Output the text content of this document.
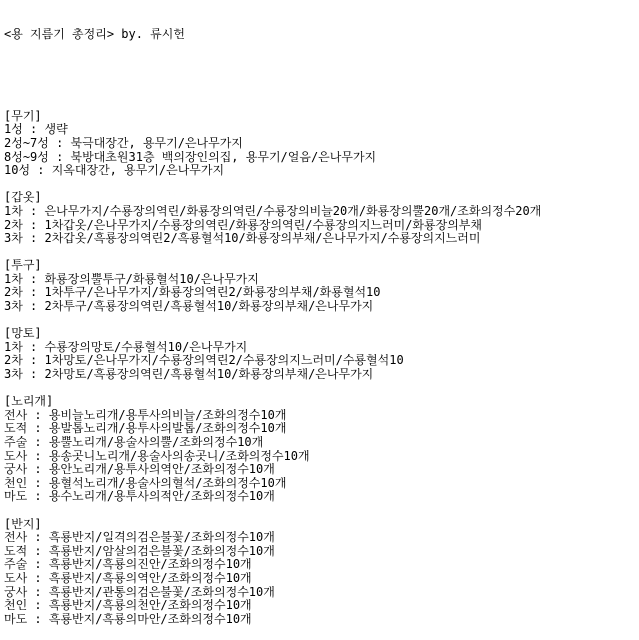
<용 지름기 총정리> by. 류시헌

[무기]
1성 : 생략
2성~7성 : 북극대장간, 용무기/은나무가지
8성~9성 : 북방대초원31층 백의장인의집, 용무기/얼음/은나무가지
10성 : 지옥대장간, 용무기/은나무가지
[갑옷]
1차 : 은나무가지/수룡장의역린/화룡장의역린/수룡장의비늘20개/화룡장의뿔20개/조화의정수20개
2차 : 1차갑옷/은나무가지/수룡장의역린/화룡장의역린/수룡장의지느러미/화룡장의부채
3차 : 2차갑옷/흑룡장의역린2/흑룡혈석10/화룡장의부채/은나무가지/수룡장의지느러미
[투구]
1차 : 화룡장의뿔투구/화룡혈석10/은나무가지
2차 : 1차투구/은나무가지/화룡장의역린2/화룡장의부채/화룡혈석10
3차 : 2차투구/흑룡장의역린/흑룡혈석10/화룡장의부채/은나무가지
[망토]
1차 : 수룡장의망토/수룡혈석10/은나무가지
2차 : 1차망토/은나무가지/수룡장의역린2/수룡장의지느러미/수룡혈석10
3차 : 2차망토/흑룡장의역린/흑룡혈석10/화룡장의부채/은나무가지
[노리개]
전사 : 용비늘노리개/용투사의비늘/조화의정수10개
도적 : 용발톱노리개/용투사의발톱/조화의정수10개
주술 : 용뿔노리개/용술사의뿔/조화의정수10개
도사 : 용송곳니노리개/용술사의송곳니/조화의정수10개
궁사 : 용안노리개/용투사의역안/조화의정수10개
천인 : 용혈석노리개/용술사의혈석/조화의정수10개
마도 : 용수노리개/용투사의적안/조화의정수10개
[반지]
전사 : 흑룡반지/일격의검은불꽃/조화의정수10개
도적 : 흑룡반지/암살의검은불꽃/조화의정수10개
주술 : 흑룡반지/흑룡의진안/조화의정수10개
도사 : 흑룡반지/흑룡의역안/조화의정수10개
궁사 : 흑룡반지/관통의검은불꽃/조화의정수10개
천인 : 흑룡반지/흑룡의천안/조화의정수10개
마도 : 흑룡반지/흑룡의마안/조화의정수10개
